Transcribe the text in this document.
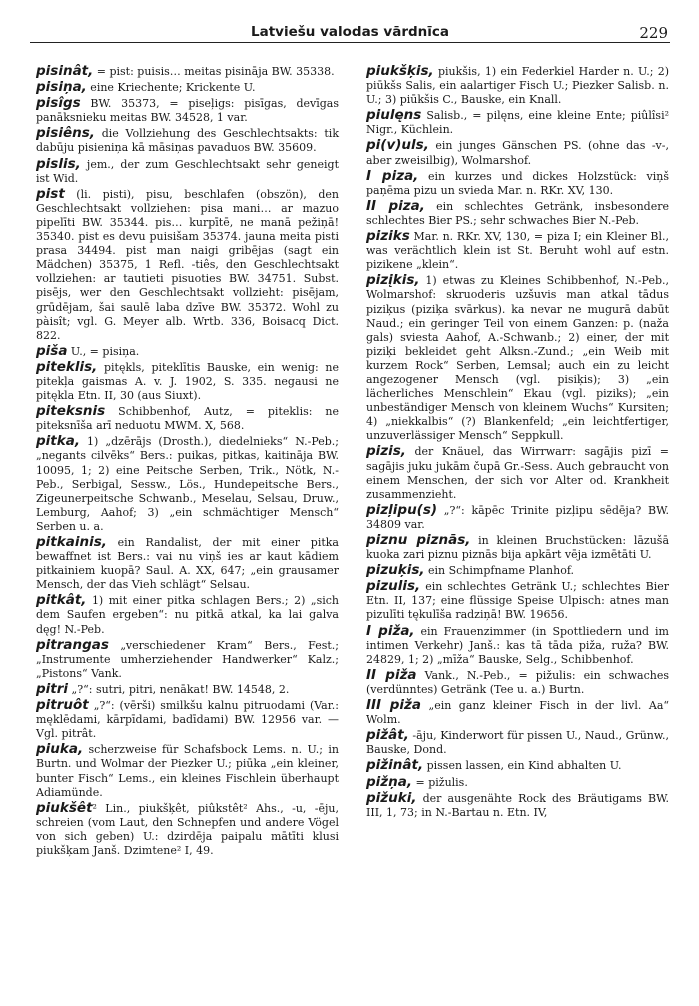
Latviešu valodas vārdnīca	229

pisinât, = pist: puisis… meitas pisināja BW. 35338.

pisiņa, eine Kriechente; Krickente U.

pisîgs BW. 35373, = piseļigs: pisīgas, devīgas panāksnieku meitas BW. 34528, 1 var.

pisiêns, die Vollziehung des Geschlechtsakts: tik dabūju pisieniņa kā māsiņas pavaduos BW. 35609.

pislis, jem., der zum Geschlechtsakt sehr geneigt ist Wid.

pist (li. pisti), pisu, beschlafen (obszön), den Geschlechtsakt vollziehen: pisa mani… ar mazuo pipelīti BW. 35344. pis… kurpītē, ne manā pežiņā! 35340. pist es devu puisišam 35374. jauna meita pisti prasa 34494. pist man naigi gribējas (sagt ein Mädchen) 35375, 1 Refl. -tiês, den Geschlechtsakt vollziehen: ar tautieti pisuoties BW. 34751. Subst. pisējs, wer den Geschlechtsakt vollzieht: pisējam, grūdējam, šai saulē laba dzīve BW. 35372. Wohl zu pàisît; vgl. G. Meyer alb. Wrtb. 336, Boisacq Dict. 822.

piša U., = pisiņa.

piteklis, pitękls, piteklītis Bauske, ein wenig: ne pitekļa gaismas A. v. J. 1902, S. 335. negausi ne pitękla Etn. II, 30 (aus Siuxt).

piteksnis Schibbenhof, Autz, = piteklis: ne piteksnīša arī neduotu MWM. X, 568.

pitka, 1) „dzērājs (Drosth.), diedelnieks“ N.-Peb.; „negants cilvēks“ Bers.: puikas, pitkas, kaitināja BW. 10095, 1; 2) eine Peitsche Serben, Trik., Nötk, N.-Peb., Serbigal, Sessw., Lös., Hundepeitsche Bers., Zigeunerpeitsche Schwanb., Meselau, Selsau, Druw., Lemburg, Aahof; 3) „ein schmächtiger Mensch“ Serben u. a.

pitkainis, ein Randalist, der mit einer pitka bewaffnet ist Bers.: vai nu viņš ies ar kaut kādiem pitkainiem kuopā? Saul. A. XX, 647; „ein grausamer Mensch, der das Vieh schlägt“ Selsau.

pitkât, 1) mit einer pitka schlagen Bers.; 2) „sich dem Saufen ergeben“: nu pitkā atkal, ka lai galva dęg! N.-Peb.

pitrangas „verschiedener Kram“ Bers., Fest.; „Instrumente umherziehender Handwerker“ Kalz.; „Pistons“ Vank.

pitri „?“: sutri, pitri, nenākat! BW. 14548, 2.

pitruôt „?“: (vērši) smilkšu kalnu pitruodami (Var.: męklēdami, kārpīdami, badīdami) BW. 12956 var. — Vgl. pitrât.

piuka, scherzweise für Schafsbock Lems. n. U.; in Burtn. und Wolmar der Piezker U.; piūka „ein kleiner, bunter Fisch“ Lems., ein kleines Fischlein überhaupt Adiamünde.

piukšêt² Lin., piukšķêt, piûkstêt² Ahs., -u, -ēju, schreien (vom Laut, den Schnepfen und andere Vögel von sich geben) U.: dzirdēja paipalu mātīti klusi piukšķam Janš. Dzimtene² I, 49.

piukšķis, piukšis, 1) ein Federkiel Harder n. U.; 2) piūkšs Salis, ein aalartiger Fisch U.; Piezker Salisb. n. U.; 3) piūkšis C., Bauske, ein Knall.

piulęns Salisb., = pilęns, eine kleine Ente; piûlîsi² Nigr., Küchlein.

pi(v)uls, ein junges Gänschen PS. (ohne das -v-, aber zweisilbig), Wolmarshof.

I piza, ein kurzes und dickes Holzstück: viņš paņēma pizu un svieda Mar. n. RKr. XV, 130.

II piza, ein schlechtes Getränk, insbesondere schlechtes Bier PS.; sehr schwaches Bier N.-Peb.

piziks Mar. n. RKr. XV, 130, = piza I; ein Kleiner Bl., was verächtlich klein ist St. Beruht wohl auf estn. pizikene „klein“.

pizįkis, 1) etwas zu Kleines Schibbenhof, N.-Peb., Wolmarshof: skruoderis uzšuvis man atkal tādus piziķus (piziķa svārkus). ka nevar ne mugurā dabūt Naud.; ein geringer Teil von einem Ganzen: p. (naža gals) sviesta Aahof, A.-Schwanb.; 2) einer, der mit piziķi bekleidet geht Alksn.-Zund.; „ein Weib mit kurzem Rock“ Serben, Lemsal; auch ein zu leicht angezogener Mensch (vgl. pisiķis); 3) „ein lächerliches Menschlein“ Ekau (vgl. piziks); „ein unbeständiger Mensch von kleinem Wuchs“ Kursiten; 4) „niekkalbis“ (?) Blankenfeld; „ein leichtfertiger, unzuverlässiger Mensch“ Seppkull.

pizis, der Knäuel, das Wirrwarr: sagājis pizī = sagājis juku jukām čupā Gr.-Sess. Auch gebraucht von einem Menschen, der sich vor Alter od. Krankheit zusammenzieht.

pizļipu(s) „?“: kāpēc Trinite pizļipu sēdēja? BW. 34809 var.

piznu piznās, in kleinen Bruchstücken: lāzušā kuoka zari piznu piznās bija apkārt vēja izmētāti U.

pizuķis, ein Schimpfname Planhof.

pizulis, ein schlechtes Getränk U.; schlechtes Bier Etn. II, 137; eine flüssige Speise Ulpisch: atnes man pizulīti tękulīša radziņā! BW. 19656.

I piža, ein Frauenzimmer (in Spottliedern und im intimen Verkehr) Janš.: kas tā tāda piža, ruža? BW. 24829, 1; 2) „mīža“ Bauske, Selg., Schibbenhof.

II piža Vank., N.-Peb., = pižulis: ein schwaches (verdünntes) Getränk (Tee u. a.) Burtn.

III piža „ein ganz kleiner Fisch in der livl. Aa“ Wolm.

pižât, -āju, Kinderwort für pissen U., Naud., Grünw., Bauske, Dond.

pižinât, pissen lassen, ein Kind abhalten U.

pižņa, = pižulis.

pižuki, der ausgenähte Rock des Bräutigams BW. III, 1, 73; in N.-Bartau n. Etn. IV,
